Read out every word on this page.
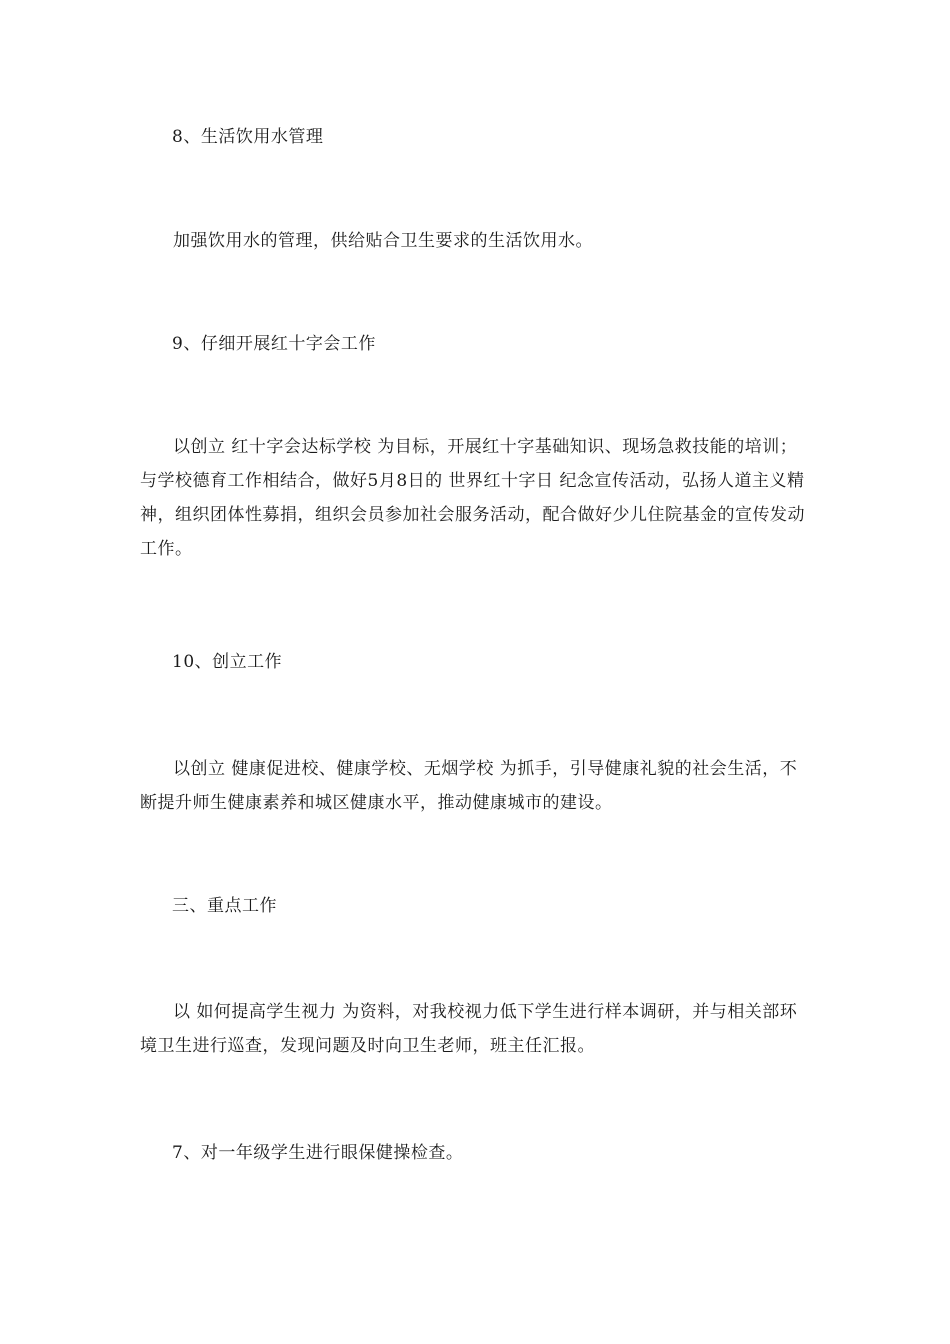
8、生活饮用水管理
加强饮用水的管理，供给贴合卫生要求的生活饮用水。
9、仔细开展红十字会工作
以创立 红十字会达标学校 为目标，开展红十字基础知识、现场急救技能的培训；与学校德育工作相结合，做好5月8日的 世界红十字日 纪念宣传活动，弘扬人道主义精神，组织团体性募捐，组织会员参加社会服务活动，配合做好少儿住院基金的宣传发动工作。
10、创立工作
以创立 健康促进校、健康学校、无烟学校 为抓手，引导健康礼貌的社会生活，不断提升师生健康素养和城区健康水平，推动健康城市的建设。
三、重点工作
以 如何提高学生视力 为资料，对我校视力低下学生进行样本调研，并与相关部环境卫生进行巡查，发现问题及时向卫生老师，班主任汇报。
7、对一年级学生进行眼保健操检查。
